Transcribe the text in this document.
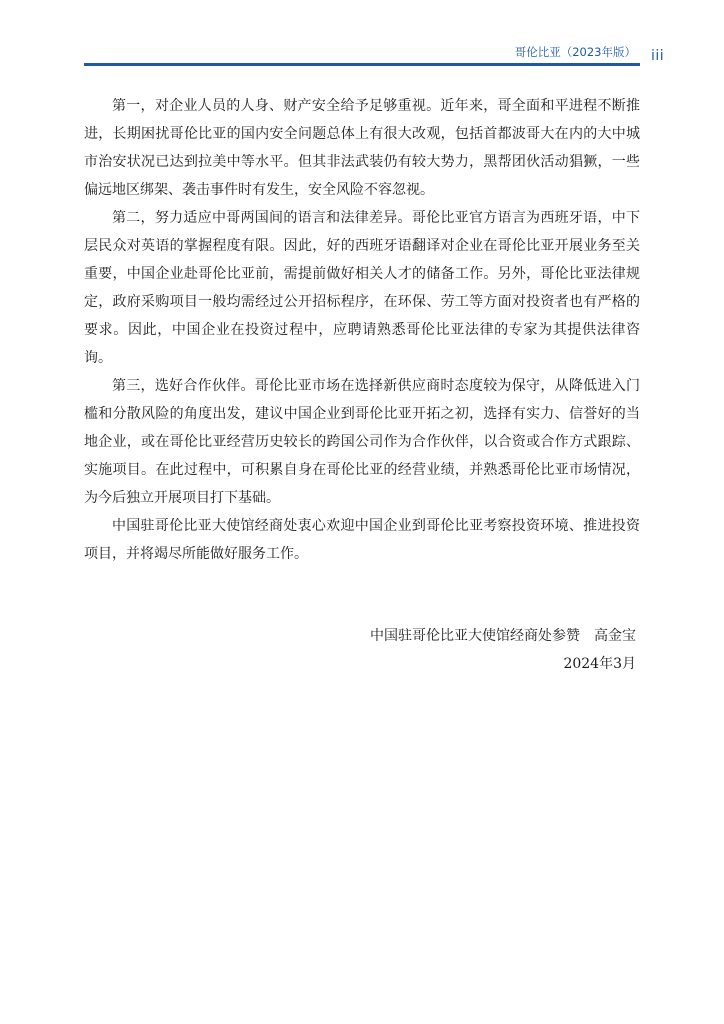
哥伦比亚（2023年版） iii

第一，对企业人员的人身、财产安全给予足够重视。近年来，哥全面和平进程不断推进，长期困扰哥伦比亚的国内安全问题总体上有很大改观，包括首都波哥大在内的大中城市治安状况已达到拉美中等水平。但其非法武装仍有较大势力，黑帮团伙活动猖獗，一些偏远地区绑架、袭击事件时有发生，安全风险不容忽视。

第二，努力适应中哥两国间的语言和法律差异。哥伦比亚官方语言为西班牙语，中下层民众对英语的掌握程度有限。因此，好的西班牙语翻译对企业在哥伦比亚开展业务至关重要，中国企业赴哥伦比亚前，需提前做好相关人才的储备工作。另外，哥伦比亚法律规定，政府采购项目一般均需经过公开招标程序，在环保、劳工等方面对投资者也有严格的要求。因此，中国企业在投资过程中，应聘请熟悉哥伦比亚法律的专家为其提供法律咨询。

第三，选好合作伙伴。哥伦比亚市场在选择新供应商时态度较为保守，从降低进入门槛和分散风险的角度出发，建议中国企业到哥伦比亚开拓之初，选择有实力、信誉好的当地企业，或在哥伦比亚经营历史较长的跨国公司作为合作伙伴，以合资或合作方式跟踪、实施项目。在此过程中，可积累自身在哥伦比亚的经营业绩，并熟悉哥伦比亚市场情况，为今后独立开展项目打下基础。

中国驻哥伦比亚大使馆经商处衷心欢迎中国企业到哥伦比亚考察投资环境、推进投资项目，并将竭尽所能做好服务工作。

中国驻哥伦比亚大使馆经商处参赞 高金宝
2024年3月
